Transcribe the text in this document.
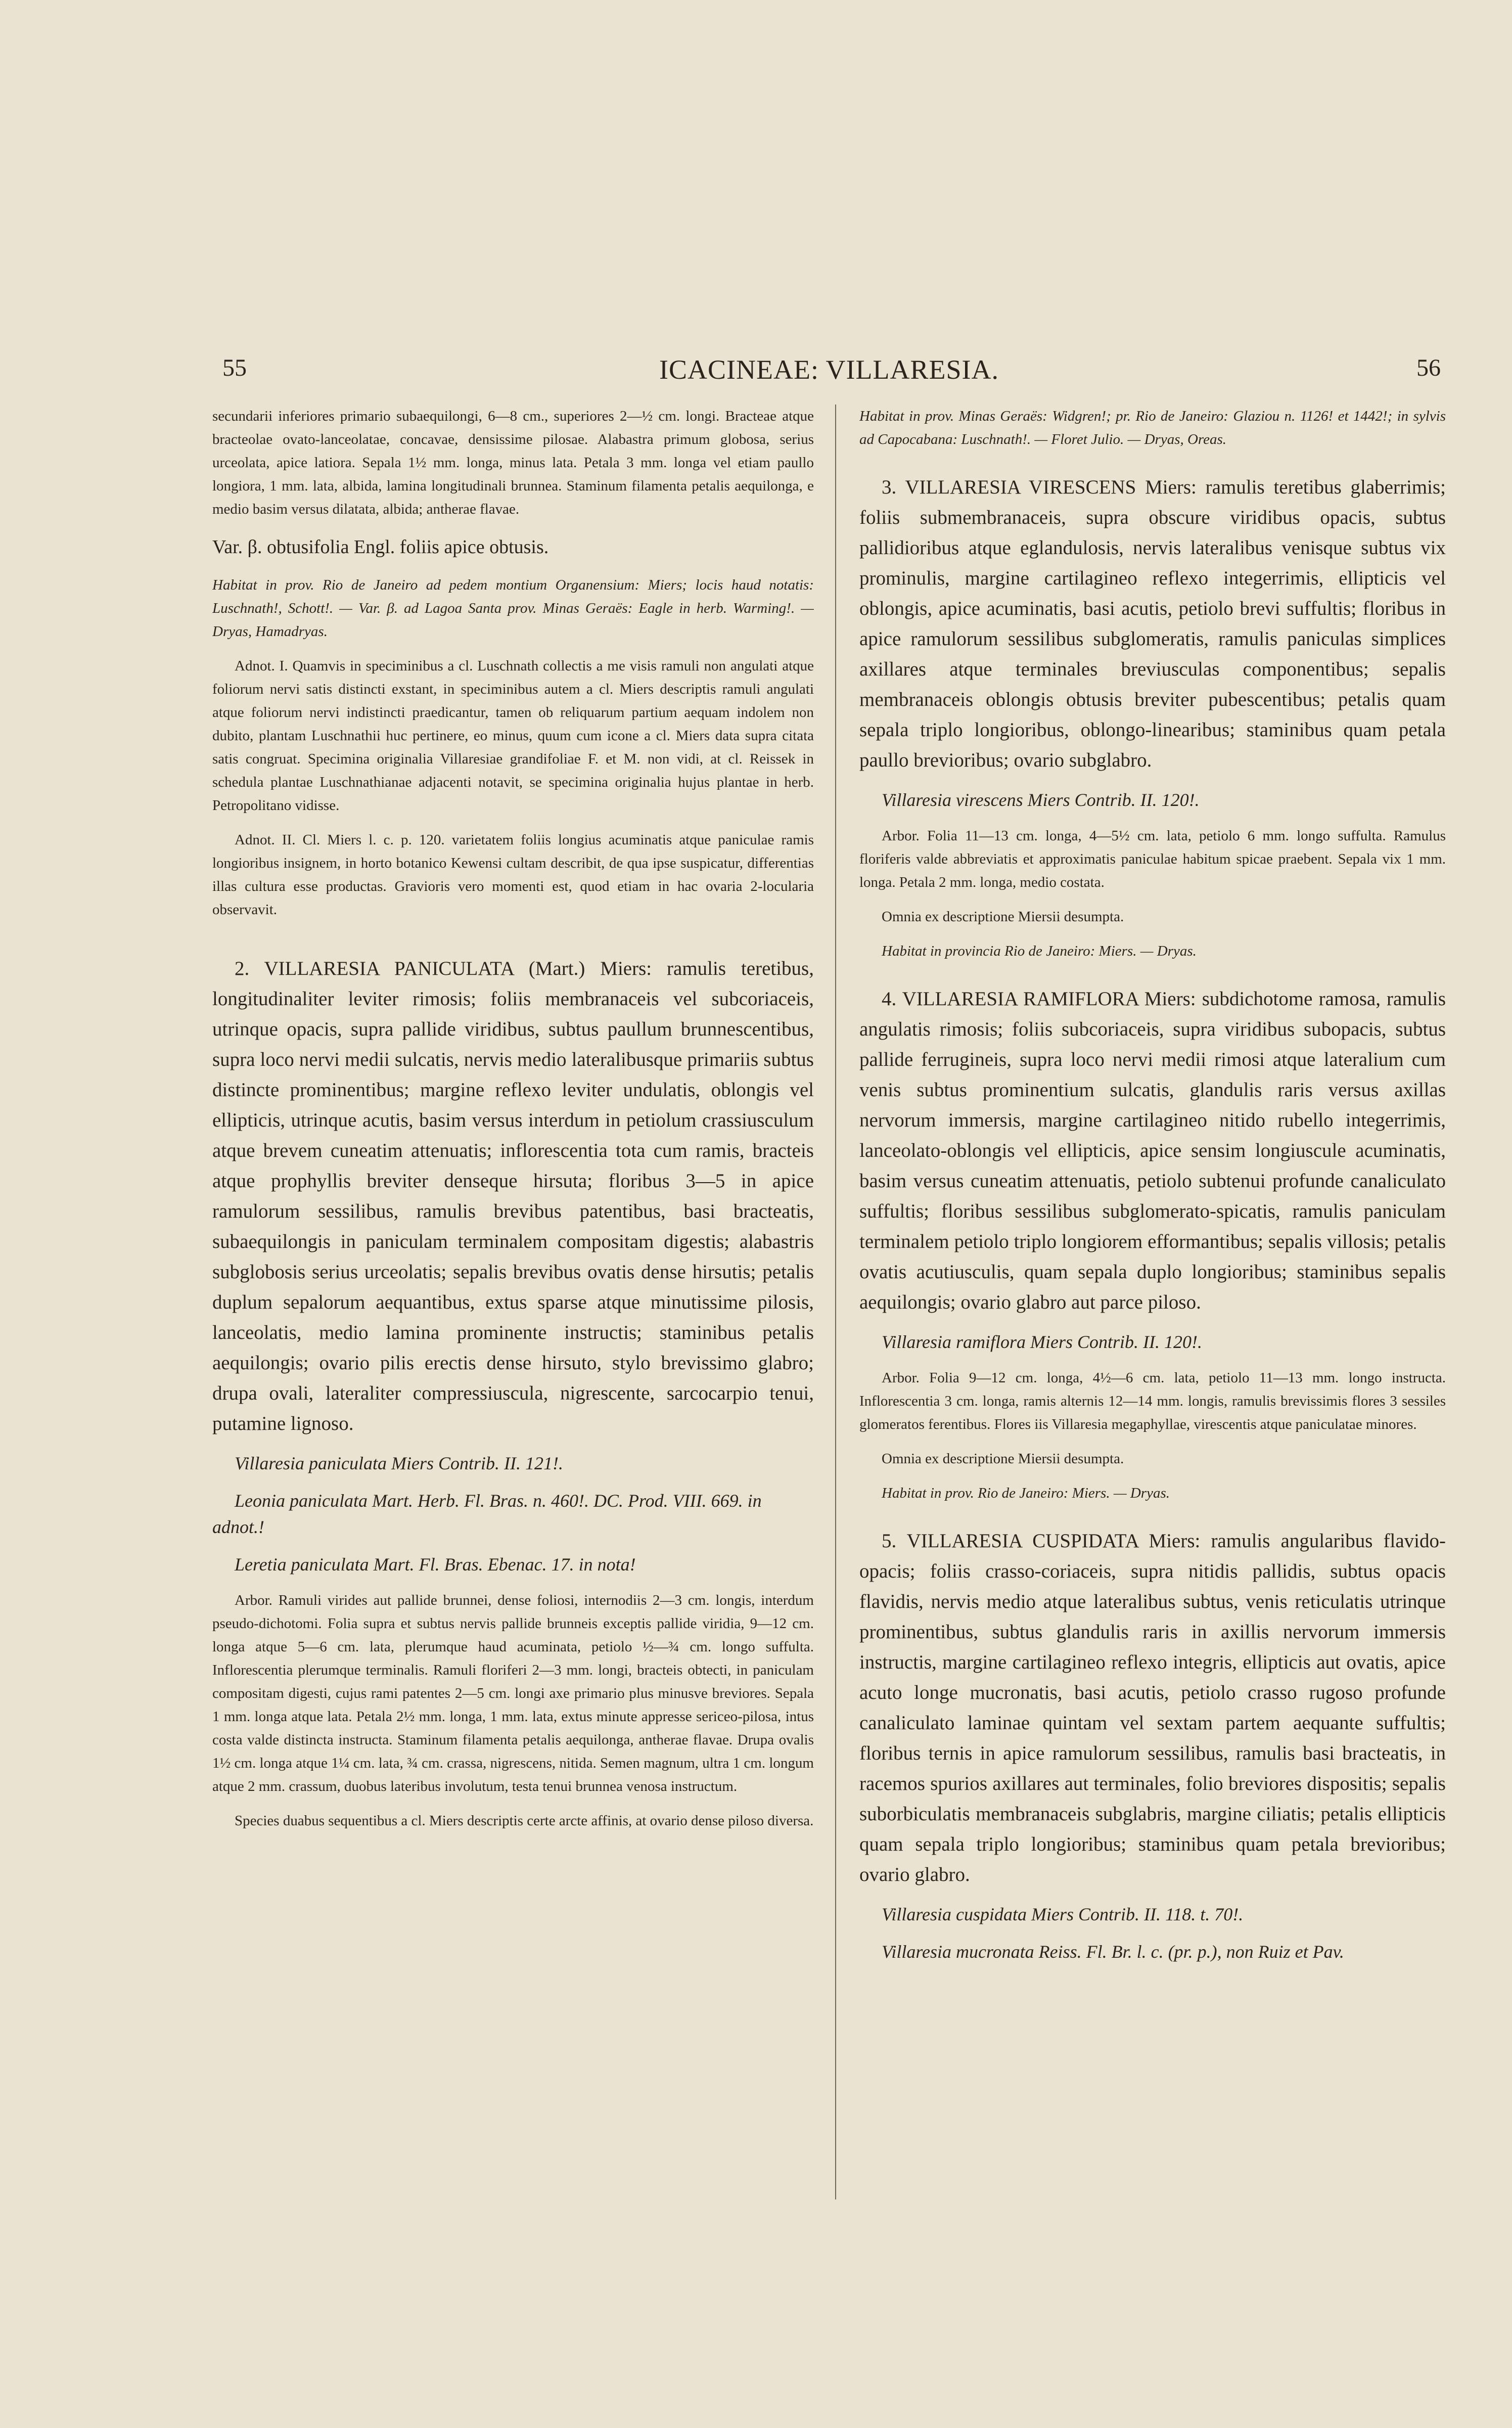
55	ICACINEAE: VILLARESIA.	56

secundarii inferiores primario subaequilongi, 6—8 cm., superiores 2—½ cm. longi. Bracteae atque bracteolae ovato-lanceolatae, concavae, densissime pilosae. Alabastra primum globosa, serius urceolata, apice latiora. Sepala 1½ mm. longa, minus lata. Petala 3 mm. longa vel etiam paullo longiora, 1 mm. lata, albida, lamina longitudinali brunnea. Staminum filamenta petalis aequilonga, e medio basim versus dilatata, albida; antherae flavae.

Var. β. obtusifolia Engl. foliis apice obtusis.

Habitat in prov. Rio de Janeiro ad pedem montium Organensium: Miers; locis haud notatis: Luschnath!, Schott!. — Var. β. ad Lagoa Santa prov. Minas Geraës: Eagle in herb. Warming!. — Dryas, Hamadryas.

Adnot. I. Quamvis in speciminibus a cl. Luschnath collectis a me visis ramuli non angulati atque foliorum nervi satis distincti exstant, in speciminibus autem a cl. Miers descriptis ramuli angulati atque foliorum nervi indistincti praedicantur, tamen ob reliquarum partium aequam indolem non dubito, plantam Luschnathii huc pertinere, eo minus, quum cum icone a cl. Miers data supra citata satis congruat. Specimina originalia Villaresiae grandifoliae F. et M. non vidi, at cl. Reissek in schedula plantae Luschnathianae adjacenti notavit, se specimina originalia hujus plantae in herb. Petropolitano vidisse.

Adnot. II. Cl. Miers l. c. p. 120. varietatem foliis longius acuminatis atque paniculae ramis longioribus insignem, in horto botanico Kewensi cultam describit, de qua ipse suspicatur, differentias illas cultura esse productas. Gravioris vero momenti est, quod etiam in hac ovaria 2-locularia observavit.

2. VILLARESIA PANICULATA (Mart.) Miers: ramulis teretibus, longitudinaliter leviter rimosis; foliis membranaceis vel subcoriaceis, utrinque opacis, supra pallide viridibus, subtus paullum brunnescentibus, supra loco nervi medii sulcatis, nervis medio lateralibusque primariis subtus distincte prominentibus; margine reflexo leviter undulatis, oblongis vel ellipticis, utrinque acutis, basim versus interdum in petiolum crassiusculum atque brevem cuneatim attenuatis; inflorescentia tota cum ramis, bracteis atque prophyllis breviter denseque hirsuta; floribus 3—5 in apice ramulorum sessilibus, ramulis brevibus patentibus, basi bracteatis, subaequilongis in paniculam terminalem compositam digestis; alabastris subglobosis serius urceolatis; sepalis brevibus ovatis dense hirsutis; petalis duplum sepalorum aequantibus, extus sparse atque minutissime pilosis, lanceolatis, medio lamina prominente instructis; staminibus petalis aequilongis; ovario pilis erectis dense hirsuto, stylo brevissimo glabro; drupa ovali, lateraliter compressiuscula, nigrescente, sarcocarpio tenui, putamine lignoso.

Villaresia paniculata Miers Contrib. II. 121!.

Leonia paniculata Mart. Herb. Fl. Bras. n. 460!. DC. Prod. VIII. 669. in adnot.!

Leretia paniculata Mart. Fl. Bras. Ebenac. 17. in nota!

Arbor. Ramuli virides aut pallide brunnei, dense foliosi, internodiis 2—3 cm. longis, interdum pseudo-dichotomi. Folia supra et subtus nervis pallide brunneis exceptis pallide viridia, 9—12 cm. longa atque 5—6 cm. lata, plerumque haud acuminata, petiolo ½—¾ cm. longo suffulta. Inflorescentia plerumque terminalis. Ramuli floriferi 2—3 mm. longi, bracteis obtecti, in paniculam compositam digesti, cujus rami patentes 2—5 cm. longi axe primario plus minusve breviores. Sepala 1 mm. longa atque lata. Petala 2½ mm. longa, 1 mm. lata, extus minute appresse sericeo-pilosa, intus costa valde distincta instructa. Staminum filamenta petalis aequilonga, antherae flavae. Drupa ovalis 1½ cm. longa atque 1¼ cm. lata, ¾ cm. crassa, nigrescens, nitida. Semen magnum, ultra 1 cm. longum atque 2 mm. crassum, duobus lateribus involutum, testa tenui brunnea venosa instructum.

Species duabus sequentibus a cl. Miers descriptis certe arcte affinis, at ovario dense piloso diversa.

Habitat in prov. Minas Geraës: Widgren!; pr. Rio de Janeiro: Glaziou n. 1126! et 1442!; in sylvis ad Capocabana: Luschnath!. — Floret Julio. — Dryas, Oreas.

3. VILLARESIA VIRESCENS Miers: ramulis teretibus glaberrimis; foliis submembranaceis, supra obscure viridibus opacis, subtus pallidioribus atque eglandulosis, nervis lateralibus venisque subtus vix prominulis, margine cartilagineo reflexo integerrimis, ellipticis vel oblongis, apice acuminatis, basi acutis, petiolo brevi suffultis; floribus in apice ramulorum sessilibus subglomeratis, ramulis paniculas simplices axillares atque terminales breviusculas componentibus; sepalis membranaceis oblongis obtusis breviter pubescentibus; petalis quam sepala triplo longioribus, oblongo-linearibus; staminibus quam petala paullo brevioribus; ovario subglabro.

Villaresia virescens Miers Contrib. II. 120!.

Arbor. Folia 11—13 cm. longa, 4—5½ cm. lata, petiolo 6 mm. longo suffulta. Ramulus floriferis valde abbreviatis et approximatis paniculae habitum spicae praebent. Sepala vix 1 mm. longa. Petala 2 mm. longa, medio costata.

Omnia ex descriptione Miersii desumpta.

Habitat in provincia Rio de Janeiro: Miers. — Dryas.

4. VILLARESIA RAMIFLORA Miers: subdichotome ramosa, ramulis angulatis rimosis; foliis subcoriaceis, supra viridibus subopacis, subtus pallide ferrugineis, supra loco nervi medii rimosi atque lateralium cum venis subtus prominentium sulcatis, glandulis raris versus axillas nervorum immersis, margine cartilagineo nitido rubello integerrimis, lanceolato-oblongis vel ellipticis, apice sensim longiuscule acuminatis, basim versus cuneatim attenuatis, petiolo subtenui profunde canaliculato suffultis; floribus sessilibus subglomerato-spicatis, ramulis paniculam terminalem petiolo triplo longiorem efformantibus; sepalis villosis; petalis ovatis acutiusculis, quam sepala duplo longioribus; staminibus sepalis aequilongis; ovario glabro aut parce piloso.

Villaresia ramiflora Miers Contrib. II. 120!.

Arbor. Folia 9—12 cm. longa, 4½—6 cm. lata, petiolo 11—13 mm. longo instructa. Inflorescentia 3 cm. longa, ramis alternis 12—14 mm. longis, ramulis brevissimis flores 3 sessiles glomeratos ferentibus. Flores iis Villaresia megaphyllae, virescentis atque paniculatae minores.

Omnia ex descriptione Miersii desumpta.

Habitat in prov. Rio de Janeiro: Miers. — Dryas.

5. VILLARESIA CUSPIDATA Miers: ramulis angularibus flavido-opacis; foliis crasso-coriaceis, supra nitidis pallidis, subtus opacis flavidis, nervis medio atque lateralibus subtus, venis reticulatis utrinque prominentibus, subtus glandulis raris in axillis nervorum immersis instructis, margine cartilagineo reflexo integris, ellipticis aut ovatis, apice acuto longe mucronatis, basi acutis, petiolo crasso rugoso profunde canaliculato laminae quintam vel sextam partem aequante suffultis; floribus ternis in apice ramulorum sessilibus, ramulis basi bracteatis, in racemos spurios axillares aut terminales, folio breviores dispositis; sepalis suborbiculatis membranaceis subglabris, margine ciliatis; petalis ellipticis quam sepala triplo longioribus; staminibus quam petala brevioribus; ovario glabro.

Villaresia cuspidata Miers Contrib. II. 118. t. 70!.

Villaresia mucronata Reiss. Fl. Br. l. c. (pr. p.), non Ruiz et Pav.
